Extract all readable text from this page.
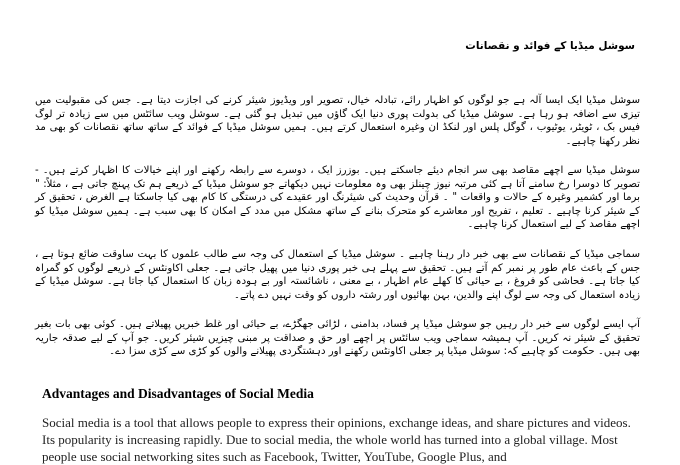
سوشل میڈیا کے فوائد و نقصانات
سوشل میڈیا ایک ایسا آلہ ہے جو لوگوں کو اظہار رائے، تبادلہ خیال، تصویر اور ویڈیوز شیئر کرنے کی اجازت دیتا ہے۔ جس کی مقبولیت میں تیزی سے اضافہ ہو رہا ہے۔ سوشل میڈیا کی بدولت پوری دنیا ایک گاؤں میں تبدیل ہو گئی ہے۔ سوشل ویب سائٹس میں سے زیادہ تر لوگ فیس بک ، ٹویٹر، یوٹیوب ، گوگل پلس اور لنکڈ ان وغیرہ استعمال کرتے ہیں۔ ہمیں سوشل میڈیا کے فوائد کے ساتھ ساتھ نقصانات کو بھی مد نظر رکھنا چاہیے۔
سوشل میڈیا سے اچھے مقاصد بھی سر انجام دیئے جاسکتے ہیں۔ بوزرز ایک ، دوسرے سے رابطہ رکھنے اور اپنے خیالات کا اظہار کرتے ہیں۔ - تصویر کا دوسرا رخ سامنے آتا ہے کئی مرتبہ نیوز چینلز بھی وہ معلومات نہیں دیکھاتے جو سوشل میڈیا کے ذریعے ہم تک پہنچ جاتی ہے ، مثلاً: " برما اور کشمیر وغیرہ کے حالات و واقعات " ۔ قرآن وحدیث کی شیئرنگ اور عقیدے کی درستگی کا کام بھی کیا جاسکتا ہے الغرض ، تحقیق کر کے شیئر کرنا چاہیے ۔ تعلیم ، تفریح اور معاشرے کو متحرک بنانے کے ساتھ مشکل میں مدد کے امکان کا بھی سبب ہے۔ ہمیں سوشل میڈیا کو اچھے مقاصد کے لیے استعمال کرنا چاہیے۔
سماجی میڈیا کے نقصانات سے بھی خبر دار رہنا چاہیے ۔ سوشل میڈیا کے استعمال کی وجہ سے طالب علموں کا بہت ساوقت ضائع ہوتا ہے ، جس کے باعث عام طور پر نمبر کم آتے ہیں۔ تحقیق سے پہلے ہی خبر پوری دنیا میں پھیل جاتی ہے۔ جعلی اکاونٹس کے ذریعے لوگوں کو گمراہ کیا جاتا ہے۔ فحاشی کو فروغ ، بے حیائی کا کھلے عام اظہار ، بے معنی ، ناشائستہ اور بے ہودہ زبان کا استعمال کیا جاتا ہے۔ سوشل میڈیا کے زیادہ استعمال کی وجہ سے لوگ اپنے والدین، بہن بھائیوں اور رشتہ داروں کو وقت نہیں دے پاتے۔
آپ ایسے لوگوں سے خبر دار رہیں جو سوشل میڈیا پر فساد، بدامنی ، لڑائی جھگڑے، بے حیائی اور غلط خبریں پھیلاتے ہیں۔ کوئی بھی بات بغیر تحقیق کے شیئر نہ کریں۔ آپ ہمیشہ سماجی ویب سائٹس پر اچھے اور حق و صداقت پر مبنی چیزیں شیئر کریں۔ جو آپ کے لیے صدقہ جاریہ بھی ہیں۔ حکومت کو چاہیے کہ: سوشل میڈیا پر جعلی اکاونٹس رکھنے اور دہشتگردی پھیلانے والوں کو کڑی سے کڑی سزا دے۔
Advantages and Disadvantages of Social Media
Social media is a tool that allows people to express their opinions, exchange ideas, and share pictures and videos. Its popularity is increasing rapidly. Due to social media, the whole world has turned into a global village. Most people use social networking sites such as Facebook, Twitter, YouTube, Google Plus, and
